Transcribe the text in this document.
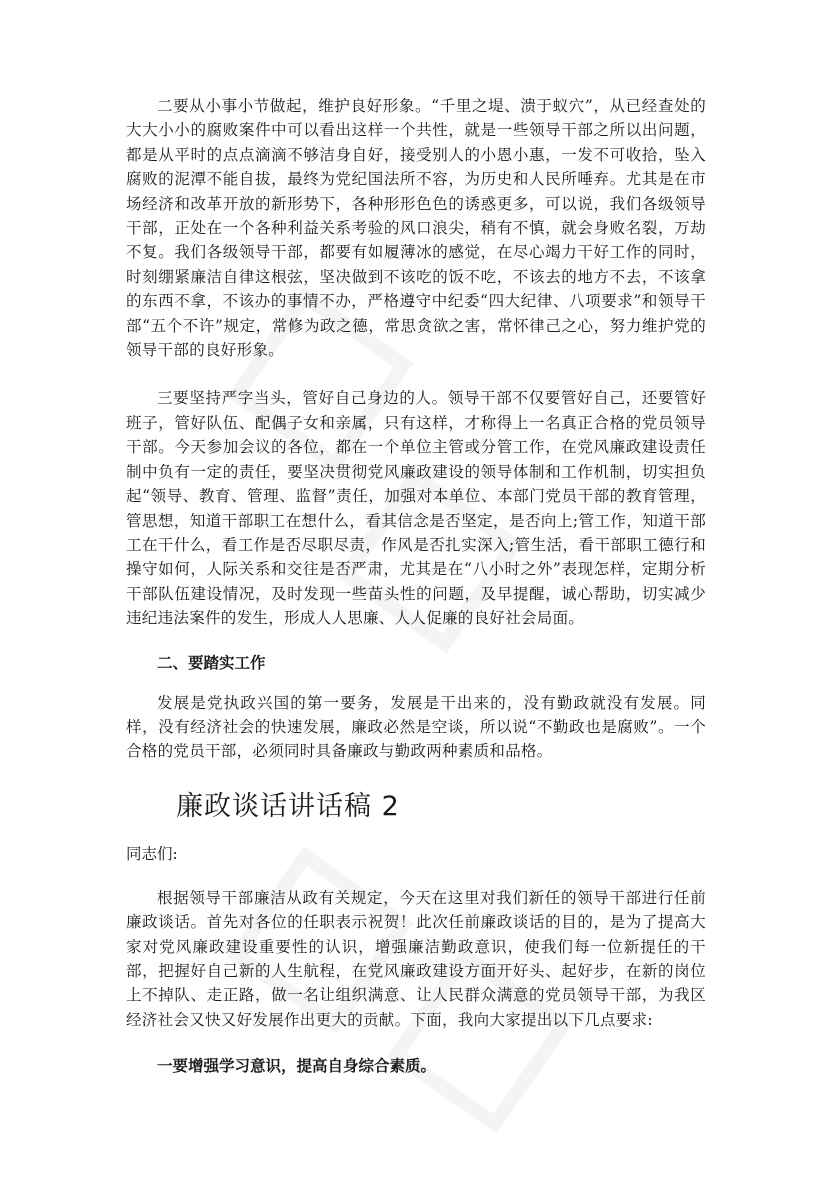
二要从小事小节做起，维护良好形象。“千里之堤、溃于蚁穴”，从已经查处的大大小小的腐败案件中可以看出这样一个共性，就是一些领导干部之所以出问题，都是从平时的点点滴滴不够洁身自好，接受别人的小恩小惠，一发不可收拾，坠入腐败的泥潭不能自拔，最终为党纪国法所不容，为历史和人民所唾弃。尤其是在市场经济和改革开放的新形势下，各种形形色色的诱惑更多，可以说，我们各级领导干部，正处在一个各种利益关系考验的风口浪尖，稍有不慎，就会身败名裂，万劫不复。我们各级领导干部，都要有如履薄冰的感觉，在尽心竭力干好工作的同时，时刻绷紧廉洁自律这根弦，坚决做到不该吃的饭不吃，不该去的地方不去，不该拿的东西不拿，不该办的事情不办，严格遵守中纪委“四大纪律、八项要求”和领导干部“五个不许”规定，常修为政之德，常思贪欲之害，常怀律己之心，努力维护党的领导干部的良好形象。

三要坚持严字当头，管好自己身边的人。领导干部不仅要管好自己，还要管好班子，管好队伍、配偶子女和亲属，只有这样，才称得上一名真正合格的党员领导干部。今天参加会议的各位，都在一个单位主管或分管工作，在党风廉政建设责任制中负有一定的责任，要坚决贯彻党风廉政建设的领导体制和工作机制，切实担负起“领导、教育、管理、监督”责任，加强对本单位、本部门党员干部的教育管理，管思想，知道干部职工在想什么，看其信念是否坚定，是否向上;管工作，知道干部工在干什么，看工作是否尽职尽责，作风是否扎实深入;管生活，看干部职工德行和操守如何，人际关系和交往是否严肃，尤其是在“八小时之外”表现怎样，定期分析干部队伍建设情况，及时发现一些苗头性的问题，及早提醒，诚心帮助，切实减少违纪违法案件的发生，形成人人思廉、人人促廉的良好社会局面。

二、要踏实工作

发展是党执政兴国的第一要务，发展是干出来的，没有勤政就没有发展。同样，没有经济社会的快速发展，廉政必然是空谈，所以说“不勤政也是腐败”。一个合格的党员干部，必须同时具备廉政与勤政两种素质和品格。

廉政谈话讲话稿 2

同志们:

根据领导干部廉洁从政有关规定，今天在这里对我们新任的领导干部进行任前廉政谈话。首先对各位的任职表示祝贺！此次任前廉政谈话的目的，是为了提高大家对党风廉政建设重要性的认识，增强廉洁勤政意识，使我们每一位新提任的干部，把握好自己新的人生航程，在党风廉政建设方面开好头、起好步，在新的岗位上不掉队、走正路，做一名让组织满意、让人民群众满意的党员领导干部，为我区经济社会又快又好发展作出更大的贡献。下面，我向大家提出以下几点要求:

一要增强学习意识，提高自身综合素质。
